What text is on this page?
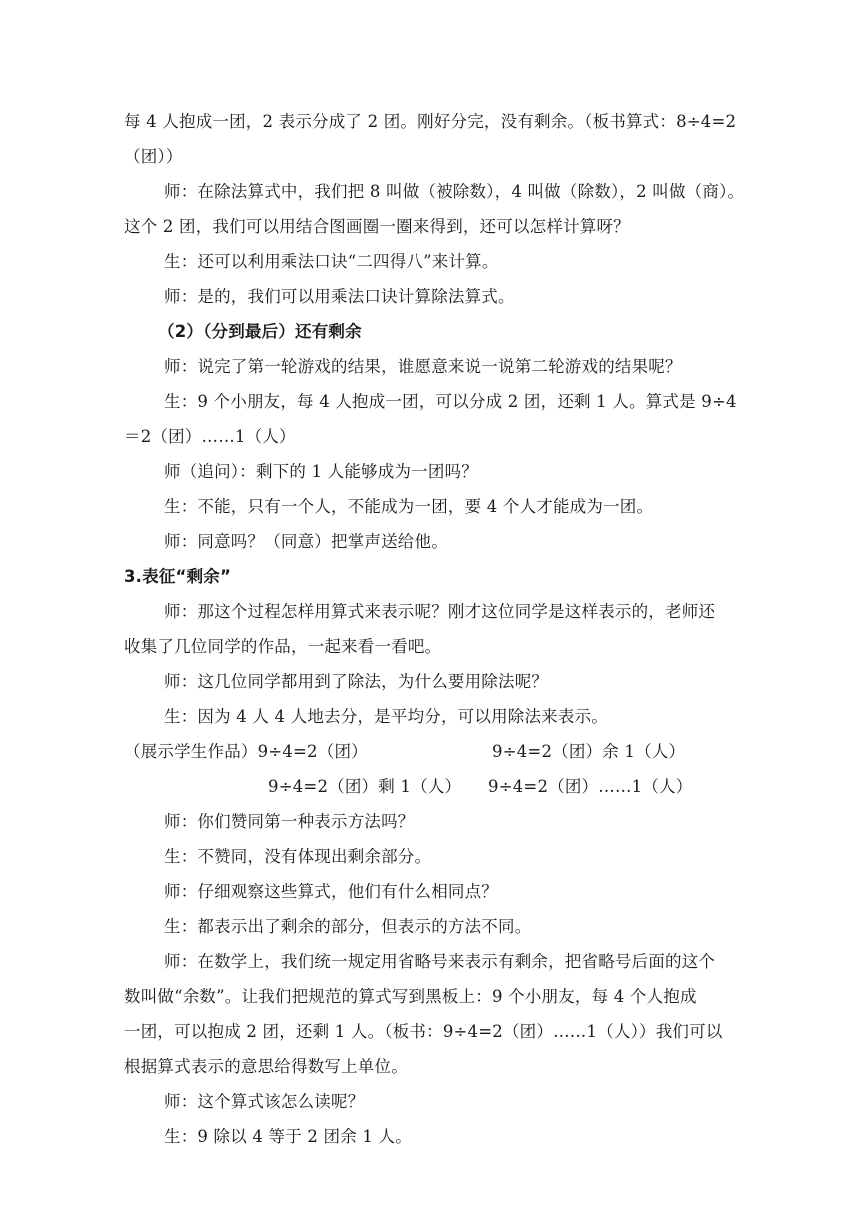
每 4 人抱成一团，2 表示分成了 2 团。刚好分完，没有剩余。（板书算式：8÷4=2
（团））
师：在除法算式中，我们把 8 叫做（被除数），4 叫做（除数），2 叫做（商）。
这个 2 团，我们可以用结合图画圈一圈来得到，还可以怎样计算呀？
生：还可以利用乘法口诀“二四得八”来计算。
师：是的，我们可以用乘法口诀计算除法算式。
（2）（分到最后）还有剩余
师：说完了第一轮游戏的结果，谁愿意来说一说第二轮游戏的结果呢？
生：9 个小朋友，每 4 人抱成一团，可以分成 2 团，还剩 1 人。算式是 9÷4
＝2（团）……1（人）
师（追问）：剩下的 1 人能够成为一团吗？
生：不能，只有一个人，不能成为一团，要 4 个人才能成为一团。
师：同意吗？（同意）把掌声送给他。
3.表征“剩余”
师：那这个过程怎样用算式来表示呢？刚才这位同学是这样表示的，老师还
收集了几位同学的作品，一起来看一看吧。
师：这几位同学都用到了除法，为什么要用除法呢？
生：因为 4 人 4 人地去分，是平均分，可以用除法来表示。
（展示学生作品）9÷4=2（团）	9÷4=2（团）余 1（人）
9÷4=2（团）剩 1（人） 9÷4=2（团）……1（人）
师：你们赞同第一种表示方法吗？
生：不赞同，没有体现出剩余部分。
师：仔细观察这些算式，他们有什么相同点？
生：都表示出了剩余的部分，但表示的方法不同。
师：在数学上，我们统一规定用省略号来表示有剩余，把省略号后面的这个
数叫做“余数”。让我们把规范的算式写到黑板上：9 个小朋友，每 4 个人抱成
一团，可以抱成 2 团，还剩 1 人。（板书：9÷4=2（团）……1（人））我们可以
根据算式表示的意思给得数写上单位。
师：这个算式该怎么读呢？
生：9 除以 4 等于 2 团余 1 人。
